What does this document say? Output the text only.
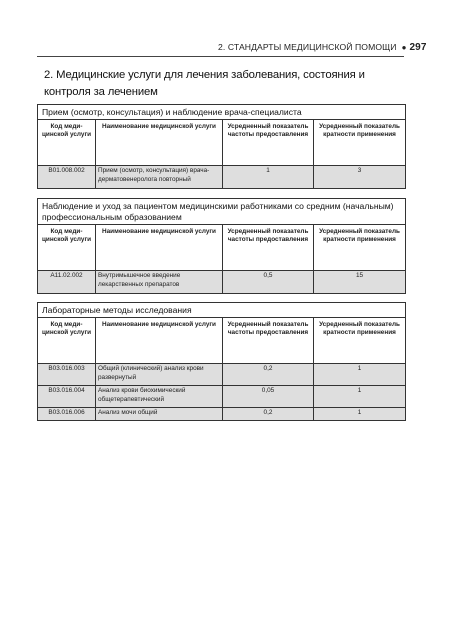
2. СТАНДАРТЫ МЕДИЦИНСКОЙ ПОМОЩИ ● 297
2. Медицинские услуги для лечения заболевания, состояния и контроля за лечением
Прием (осмотр, консультация) и наблюдение врача-специалиста			
Код меди-цинской услуги	Наименование медицинской услуги	Усредненный показатель частоты предоставления	Усредненный показатель кратности применения
B01.008.002	Прием (осмотр, консультация) врача-дерматовенеролога повторный	1	3
Наблюдение и уход за пациентом медицинскими работниками со средним (начальным) профессиональным образованием			
Код меди-цинской услуги	Наименование медицинской услуги	Усредненный показатель частоты предоставления	Усредненный показатель кратности применения
A11.02.002	Внутримышечное введение лекарственных препаратов	0,5	15
Лабораторные методы исследования			
Код меди-цинской услуги	Наименование медицинской услуги	Усредненный показатель частоты предоставления	Усредненный показатель кратности применения
B03.016.003	Общий (клинический) анализ крови развернутый	0,2	1
B03.016.004	Анализ крови биохимический общетерапевтический	0,05	1
B03.016.006	Анализ мочи общий	0,2	1
